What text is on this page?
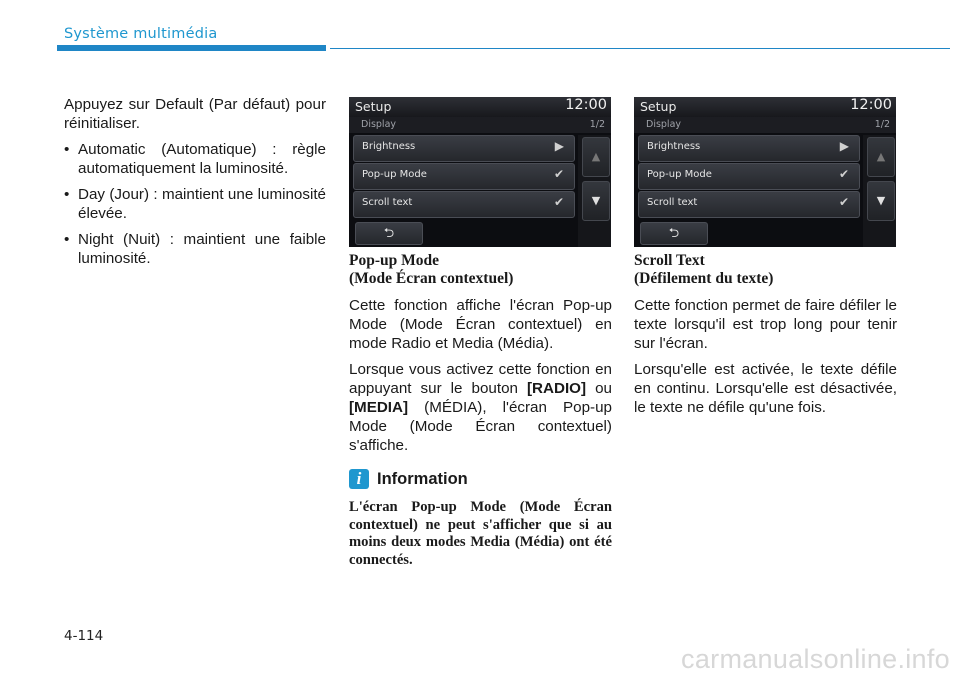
Système multimédia

Appuyez sur Default (Par défaut) pour réinitialiser.

• Automatic (Automatique) : règle automatiquement la luminosité.
• Day (Jour) : maintient une luminosité élevée.
• Night (Nuit) : maintient une faible luminosité.
Setup	12:00
Display	1/2
Brightness	▶
Pop-up Mode	✔
Scroll text	✔
▲
▼
⮌
Setup	12:00
Display	1/2
Brightness	▶
Pop-up Mode	✔
Scroll text	✔
▲
▼
⮌
Pop-up Mode
(Mode Écran contextuel)

Cette fonction affiche l'écran Pop-up Mode (Mode Écran contextuel) en mode Radio et Media (Média).

Lorsque vous activez cette fonction en appuyant sur le bouton [RADIO] ou [MEDIA] (MÉDIA), l'écran Pop-up Mode (Mode Écran contextuel) s'affiche.

i Information

L'écran Pop-up Mode (Mode Écran contextuel) ne peut s'afficher que si au moins deux modes Media (Média) ont été connectés.

Scroll Text
(Défilement du texte)

Cette fonction permet de faire défiler le texte lorsqu'il est trop long pour tenir sur l'écran.

Lorsqu'elle est activée, le texte défile en continu. Lorsqu'elle est désactivée, le texte ne défile qu'une fois.

4-114
carmanualsonline.info
